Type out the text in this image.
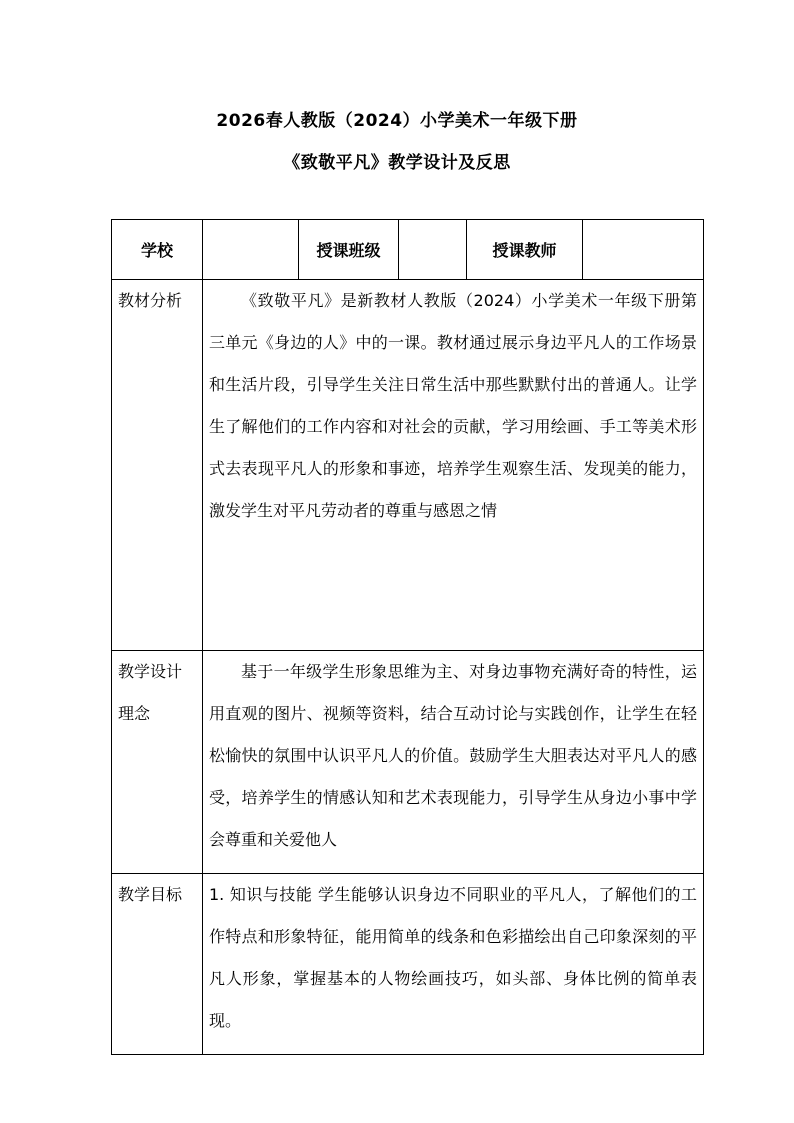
2026春人教版（2024）小学美术一年级下册
《致敬平凡》教学设计及反思
学校		授课班级		授课教师	
教材分析	《致敬平凡》是新教材人教版（2024）小学美术一年级下册第三单元《身边的人》中的一课。教材通过展示身边平凡人的工作场景和生活片段，引导学生关注日常生活中那些默默付出的普通人。让学生了解他们的工作内容和对社会的贡献，学习用绘画、手工等美术形式去表现平凡人的形象和事迹，培养学生观察生活、发现美的能力，激发学生对平凡劳动者的尊重与感恩之情				
教学设计理念	基于一年级学生形象思维为主、对身边事物充满好奇的特性，运用直观的图片、视频等资料，结合互动讨论与实践创作，让学生在轻松愉快的氛围中认识平凡人的价值。鼓励学生大胆表达对平凡人的感受，培养学生的情感认知和艺术表现能力，引导学生从身边小事中学会尊重和关爱他人				
教学目标	1. 知识与技能 学生能够认识身边不同职业的平凡人，了解他们的工作特点和形象特征，能用简单的线条和色彩描绘出自己印象深刻的平凡人形象，掌握基本的人物绘画技巧，如头部、身体比例的简单表现。				
